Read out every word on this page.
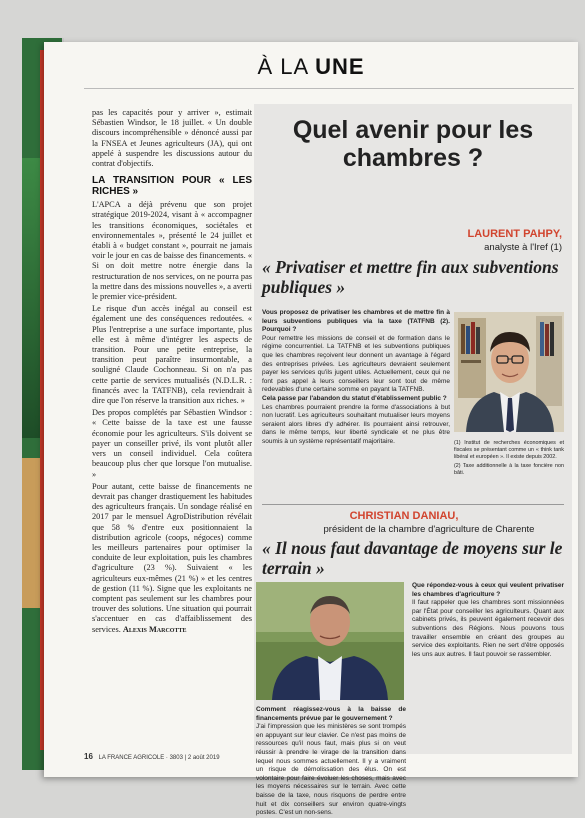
À LA UNE

pas les capacités pour y arriver », estimait Sébastien Windsor, le 18 juillet. « Un double discours incompréhensible » dénoncé aussi par la FNSEA et Jeunes agriculteurs (JA), qui ont appelé à suspendre les discussions autour du contrat d'objectifs.

LA TRANSITION POUR « LES RICHES »

L'APCA a déjà prévenu que son projet stratégique 2019-2024, visant à « accompagner les transitions économiques, sociétales et environnementales », présenté le 24 juillet et établi à « budget constant », pourrait ne jamais voir le jour en cas de baisse des financements. « Si on doit mettre notre énergie dans la restructuration de nos services, on ne pourra pas la mettre dans des missions nouvelles », a averti le premier vice-président.

Le risque d'un accès inégal au conseil est également une des conséquences redoutées. « Plus l'entreprise a une surface importante, plus elle est à même d'intégrer les aspects de transition. Pour une petite entreprise, la transition peut paraître insurmontable, a souligné Claude Cochonneau. Si on n'a pas cette partie de services mutualisés (N.D.L.R. : financés avec la TATFNB), cela reviendrait à dire que l'on réserve la transition aux riches. »

Des propos complétés par Sébastien Windsor : « Cette baisse de la taxe est une fausse économie pour les agriculteurs. S'ils doivent se payer un conseiller privé, ils vont plutôt aller vers un conseil individuel. Cela coûtera beaucoup plus cher que lorsque l'on mutualise. »

Pour autant, cette baisse de financements ne devrait pas changer drastiquement les habitudes des agriculteurs français. Un sondage réalisé en 2017 par le mensuel AgroDistribution révélait que 58 % d'entre eux positionnaient la distribution agricole (coops, négoces) comme les meilleurs partenaires pour optimiser la conduite de leur exploitation, puis les chambres d'agriculture (23 %). Suivaient « les agriculteurs eux-mêmes (21 %) » et les centres de gestion (11 %). Signe que les exploitants ne comptent pas seulement sur les chambres pour trouver des solutions. Une situation qui pourrait s'accentuer en cas d'affaiblissement des services. Alexis Marcotte

Quel avenir pour les chambres ?
LAURENT PAHPY,
analyste à l'Iref (1)
« Privatiser et mettre fin aux subventions publiques »

Vous proposez de privatiser les chambres et de mettre fin à leurs subventions publiques via la taxe (TATFNB (2). Pourquoi ?

Pour remettre les missions de conseil et de formation dans le régime concurrentiel. La TATFNB et les subventions publiques que les chambres reçoivent leur donnent un avantage à l'égard des entreprises privées. Les agriculteurs devraient seulement payer les services qu'ils jugent utiles. Actuellement, ceux qui ne font pas appel à leurs conseillers leur sont tout de même redevables d'une certaine somme en payant la TATFNB.

Cela passe par l'abandon du statut d'établissement public ?

Les chambres pourraient prendre la forme d'associations à but non lucratif. Les agriculteurs souhaitant mutualiser leurs moyens seraient alors libres d'y adhérer. Ils pourraient ainsi retrouver, dans le même temps, leur liberté syndicale et ne plus être soumis à un système représentatif majoritaire.	(1) Institut de recherches économiques et fiscales se présentant comme un « think tank libéral et européen ». Il existe depuis 2002.

(2) Taxe additionnelle à la taxe foncière non bâti.

CHRISTIAN DANIAU,
président de la chambre d'agriculture de Charente
« Il nous faut davantage de moyens sur le terrain »

Comment réagissez-vous à la baisse de financements prévue par le gouvernement ?

J'ai l'impression que les ministères se sont trompés en appuyant sur leur clavier. Ce n'est pas moins de ressources qu'il nous faut, mais plus si on veut réussir à prendre le virage de la transition dans lequel nous sommes actuellement. Il y a vraiment un risque de démolissation des élus. On est volontaire pour faire évoluer les choses, mais avec les moyens nécessaires sur le terrain. Avec cette baisse de la taxe, nous risquons de perdre entre huit et dix conseillers sur environ quatre-vingts postes. C'est un non-sens.

Que répondez-vous à ceux qui veulent privatiser les chambres d'agriculture ?

Il faut rappeler que les chambres sont missionnées par l'État pour conseiller les agriculteurs. Quant aux cabinets privés, ils peuvent également recevoir des subventions des Régions. Nous pouvons tous travailler ensemble en créant des groupes au service des exploitants. Rien ne sert d'être opposés les uns aux autres. Il faut pouvoir se rassembler.

16 LA FRANCE AGRICOLE · 3803 | 2 août 2019
